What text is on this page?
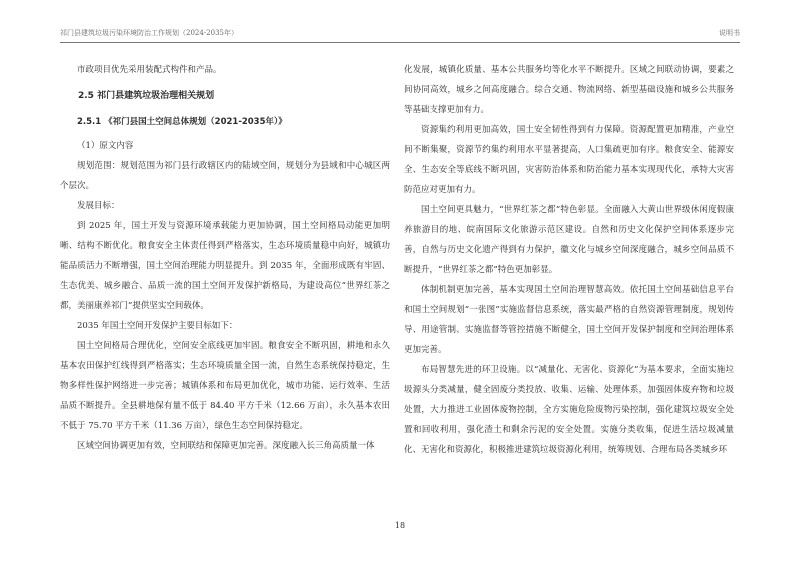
祁门县建筑垃圾污染环境防治工作规划（2024-2035年）	说明书
市政项目优先采用装配式构件和产品。
2.5 祁门县建筑垃圾治理相关规划
2.5.1 《祁门县国土空间总体规划（2021-2035年）》
（1）原文内容
规划范围：规划范围为祁门县行政辖区内的陆域空间，规划分为县域和中心城区两个层次。
发展目标：
到 2025 年，国土开发与资源环境承载能力更加协调，国土空间格局动能更加明晰、结构不断优化。粮食安全主体责任得到严格落实，生态环境质量稳中向好，城镇功能品质活力不断增强，国土空间治理能力明显提升。到 2035 年，全面形成既有牢固、生态优美、城乡融合、品质一流的国土空间开发保护新格局，为建设高位“世界红茶之都，美丽康养祁门”提供坚实空间载体。
2035 年国土空间开发保护主要目标如下：
国土空间格局合理优化，空间安全底线更加牢固。粮食安全不断巩固，耕地和永久基本农田保护红线得到严格落实；生态环境质量全国一流，自然生态系统保持稳定，生物多样性保护网络进一步完善；城镇体系和布局更加优化，城市功能、运行效率、生活品质不断提升。全县耕地保有量不低于 84.40 平方千米（12.66 万亩），永久基本农田不低于 75.70 平方千米（11.36 万亩），绿色生态空间保持稳定。
区域空间协调更加有效，空间联结和保障更加完善。深度融入长三角高质量一体
化发展，城镇化质量、基本公共服务均等化水平不断提升。区域之间联动协调，要素之间协同高效，城乡之间高度融合。综合交通、物流网络、新型基础设施和城乡公共服务等基础支撑更加有力。
资源集约利用更加高效，国土安全韧性得到有力保障。资源配置更加精准，产业空间不断集聚，资源节约集约利用水平显著提高，人口集疏更加有序。粮食安全、能源安全、生态安全等底线不断巩固，灾害防治体系和防治能力基本实现现代化，承特大灾害防范应对更加有力。
国土空间更具魅力，“世界红茶之都”特色彰显。全面融入大黄山世界级休闲度假康养旅游目的地、皖南国际文化旅游示范区建设。自然和历史文化保护空间体系逐步完善，自然与历史文化遗产得到有力保护，徽文化与城乡空间深度融合，城乡空间品质不断提升，“世界红茶之都”特色更加彰显。
体制机制更加完善，基本实现国土空间治理智慧高效。依托国土空间基础信息平台和国土空间规划“一张图”实施监督信息系统，落实最严格的自然资源管理制度，规划传导、用途管制、实施监督等管控措施不断健全，国土空间开发保护制度和空间治理体系更加完善。
布局智慧先进的环卫设施。以“减量化、无害化、资源化”为基本要求，全面实施垃圾源头分类减量，健全固废分类投放、收集、运输、处理体系，加强固体废弃物和垃圾处置，大力推进工业固体废物控制，全方实施危险废物污染控制，强化建筑垃圾安全处置和回收利用，强化渣土和剩余污泥的安全处置。实施分类收集，促进生活垃圾减量化、无害化和资源化，积极推进建筑垃圾资源化利用，统筹规划、合理布局各类城乡环
18
